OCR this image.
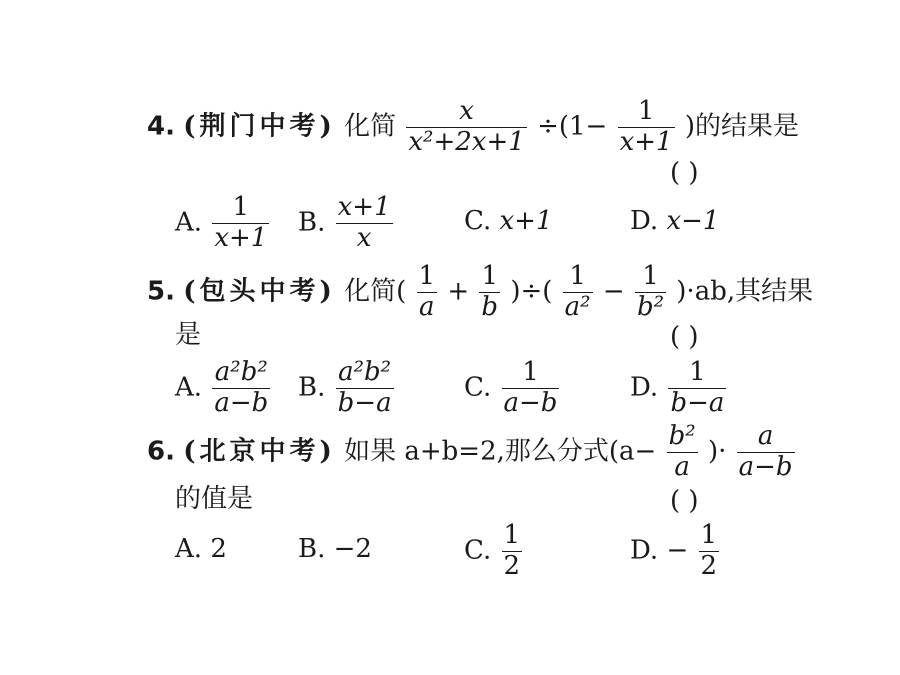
4. (荆门中考) 化简 $\frac{x}{\text{x²+2x+1}} \div(1- \frac{1}{x+1}$ )的结果是
( )
A. $\frac{1}{x+1} B$. $\frac{x+1}{x}$	C. x+1	D. x−1
5. (包头中考) 化简( $\frac{1}{a} + \frac{1}{b}$ )÷( $\frac{1}{\text{a²}} - \frac{1}{\text{b²}} )\cdot ab$,其结果
是	( )
A. $\frac{\text{a²b²}}{a-b} B$. $\frac{\text{a²b²}}{b-a}$	C. $\frac{1}{a-b}$	D. $\frac{1}{b-a}$
6. (北京中考) 如果 a+b=2,那么分式($a- \frac{\text{b²}}{a}$ )· $\frac{a}{a-b}$
的值是	( )
A. 2	B. −2	C. $\frac{1}{2}$	D. − $\frac{1}{2}$
